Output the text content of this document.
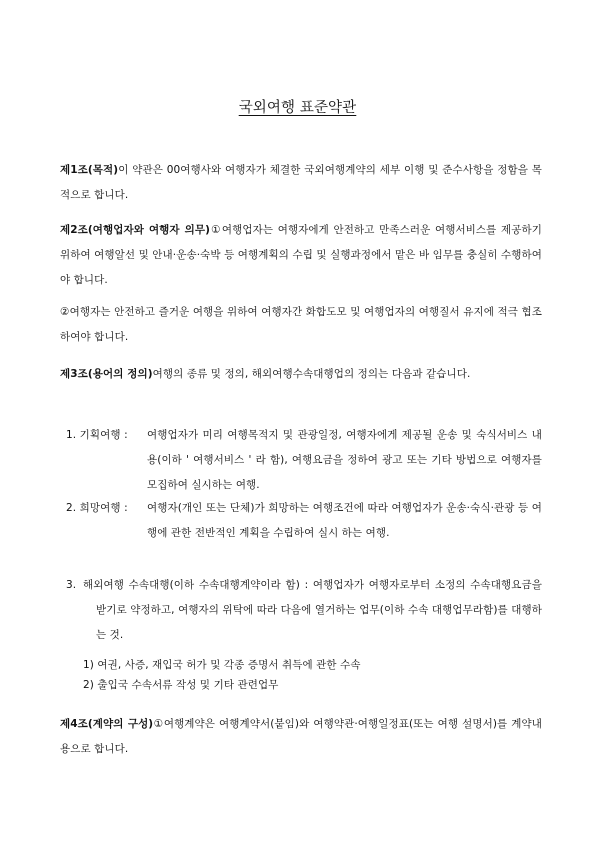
국외여행 표준약관
제1조(목적)이 약관은 00여행사와 여행자가 체결한 국외여행계약의 세부 이행 및 준수사항을 정함을 목적으로 합니다.
제2조(여행업자와 여행자 의무)①여행업자는 여행자에게 안전하고 만족스러운 여행서비스를 제공하기 위하여 여행알선 및 안내·운송·숙박 등 여행계획의 수립 및 실행과정에서 맡은 바 임무를 충실히 수행하여야 합니다.
②여행자는 안전하고 즐거운 여행을 위하여 여행자간 화합도모 및 여행업자의 여행질서 유지에 적극 협조하여야 합니다.
제3조(용어의 정의)여행의 종류 및 정의, 해외여행수속대행업의 정의는 다음과 같습니다.
1. 기획여행 : 여행업자가 미리 여행목적지 및 관광일정, 여행자에게 제공될 운송 및 숙식서비스 내용(이하 ' 여행서비스 ' 라 함), 여행요금을 정하여 광고 또는 기타 방법으로 여행자를 모집하여 실시하는 여행.
2. 희망여행 : 여행자(개인 또는 단체)가 희망하는 여행조건에 따라 여행업자가 운송·숙식·관광 등 여행에 관한 전반적인 계획을 수립하여 실시 하는 여행.
3. 해외여행 수속대행(이하 수속대행계약이라 함) : 여행업자가 여행자로부터 소정의 수속대행요금을 받기로 약정하고, 여행자의 위탁에 따라 다음에 열거하는 업무(이하 수속 대행업무라함)를 대행하는 것.
1) 여권, 사증, 재입국 허가 및 각종 증명서 취득에 관한 수속
2) 출입국 수속서류 작성 및 기타 관련업무
제4조(계약의 구성)①여행계약은 여행계약서(붙임)와 여행약관·여행일정표(또는 여행 설명서)를 계약내용으로 합니다.
